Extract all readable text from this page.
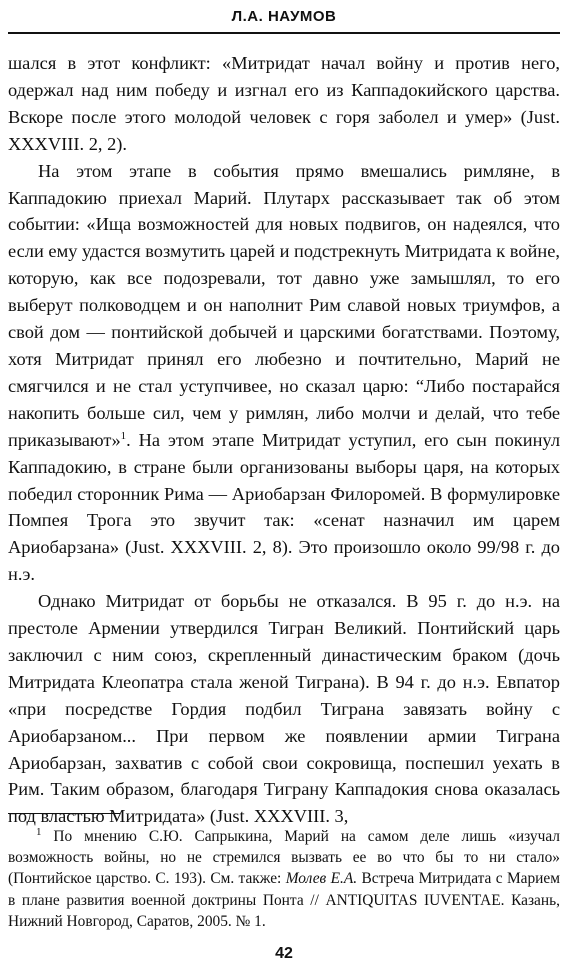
Л.А. НАУМОВ

шался в этот конфликт: «Митридат начал войну и против него, одержал над ним победу и изгнал его из Каппадокийского царства. Вскоре после этого молодой человек с горя заболел и умер» (Just. XXXVIII. 2, 2).

На этом этапе в события прямо вмешались римляне, в Каппадокию приехал Марий. Плутарх рассказывает так об этом событии: «Ища возможностей для новых подвигов, он надеялся, что если ему удастся возмутить царей и подстрекнуть Митридата к войне, которую, как все подозревали, тот давно уже замышлял, то его выберут полководцем и он наполнит Рим славой новых триумфов, а свой дом — понтийской добычей и царскими богатствами. Поэтому, хотя Митридат принял его любезно и почтительно, Марий не смягчился и не стал уступчивее, но сказал царю: “Либо постарайся накопить больше сил, чем у римлян, либо молчи и делай, что тебе приказывают»$^1$. На этом этапе Митридат уступил, его сын покинул Каппадокию, в стране были организованы выборы царя, на которых победил сторонник Рима — Ариобарзан Филоромей. В формулировке Помпея Трога это звучит так: «сенат назначил им царем Ариобарзана» (Just. XXXVIII. 2, 8). Это произошло около 99/98 г. до н.э.

Однако Митридат от борьбы не отказался. В 95 г. до н.э. на престоле Армении утвердился Тигран Великий. Понтийский царь заключил с ним союз, скрепленный династическим браком (дочь Митридата Клеопатра стала женой Тиграна). В 94 г. до н.э. Евпатор «при посредстве Гордия подбил Тиграна завязать войну с Ариобарзаном... При первом же появлении армии Тиграна Ариобарзан, захватив с собой свои сокровища, поспешил уехать в Рим. Таким образом, благодаря Тиграну Каппадокия снова оказалась под властью Митридата» (Just. XXXVIII. 3,

$^1$ По мнению С.Ю. Сапрыкина, Марий на самом деле лишь «изучал возможность войны, но не стремился вызвать ее во что бы то ни стало» (Понтийское царство. С. 193). См. также: Молев Е.А. Встреча Митридата с Марием в плане развития военной доктрины Понта // ANTIQUITAS IUVENTAE. Казань, Нижний Новгород, Саратов, 2005. № 1.

42
